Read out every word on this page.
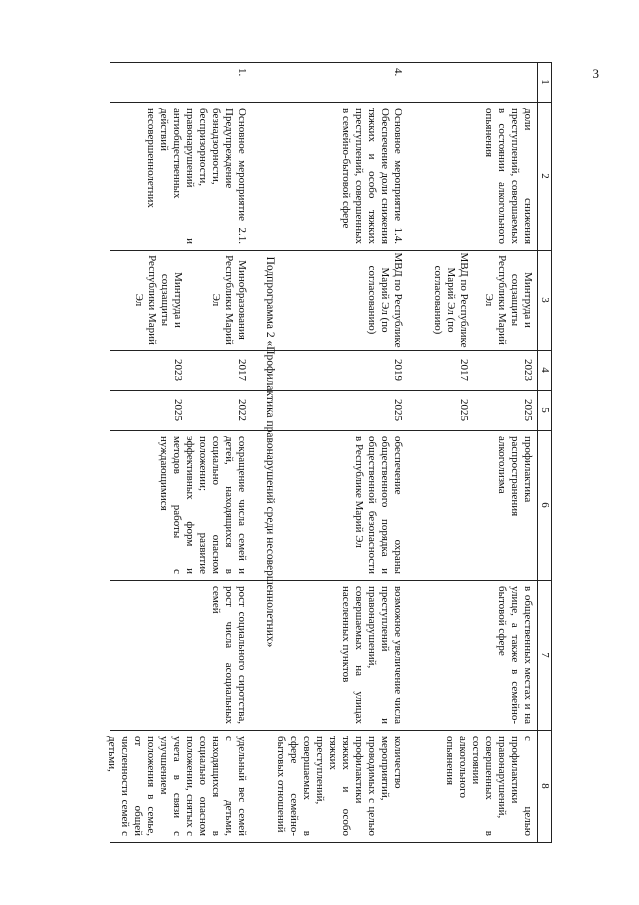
3
1
2
3
4
5
6
7
8
доли снижения преступлений, совершаемых в состоянии алкогольного опьянения
Минтруда и соцзащиты Республики Марий Эл
МВД по Республике Марий Эл (по согласованию)
2023
2017
2025
2025
профилактика распространения алкоголизма
в общественных местах и на улице, а также в семейно-бытовой сфере
с целью профилактики правонарушений, совершенных в состоянии алкогольного опьянения
4.
Основное мероприятие 1.4. Обеспечение доли снижения тяжких и особо тяжких преступлений, совершенных в семейно-бытовой сфере
МВД по Республике Марий Эл (по согласованию)
2019
2025
обеспечение охраны общественного порядка и общественной безопасности в Республике Марий Эл
возможное увеличение числа преступлений и правонарушений, совершаемых на улицах населенных пунктов
количество мероприятий, проводимых с целью профилактики тяжких и особо тяжких преступлений, совершаемых в сфере семейно-бытовых отношений
Подпрограмма 2 «Профилактика правонарушений среди несовершеннолетних»
1.
Основное мероприятие 2.1. Предупреждение безнадзорности, беспризорности, правонарушений и антиобщественных действий несовершеннолетних
Минобразования Республики Марий Эл
Минтруда и соцзащиты Республики Марий Эл
2017
2023
2022
2025
сокращение числа семей и детей, находящихся в социально опасном положении; развитие эффективных форм и методов работы с нуждающимися
рост социального сиротства, рост числа асоциальных семей
удельный вес семей с детьми, находящихся в социально опасном положении, снятых с учета в связи с улучшением положения в семье, от общей численности семей с детьми,
